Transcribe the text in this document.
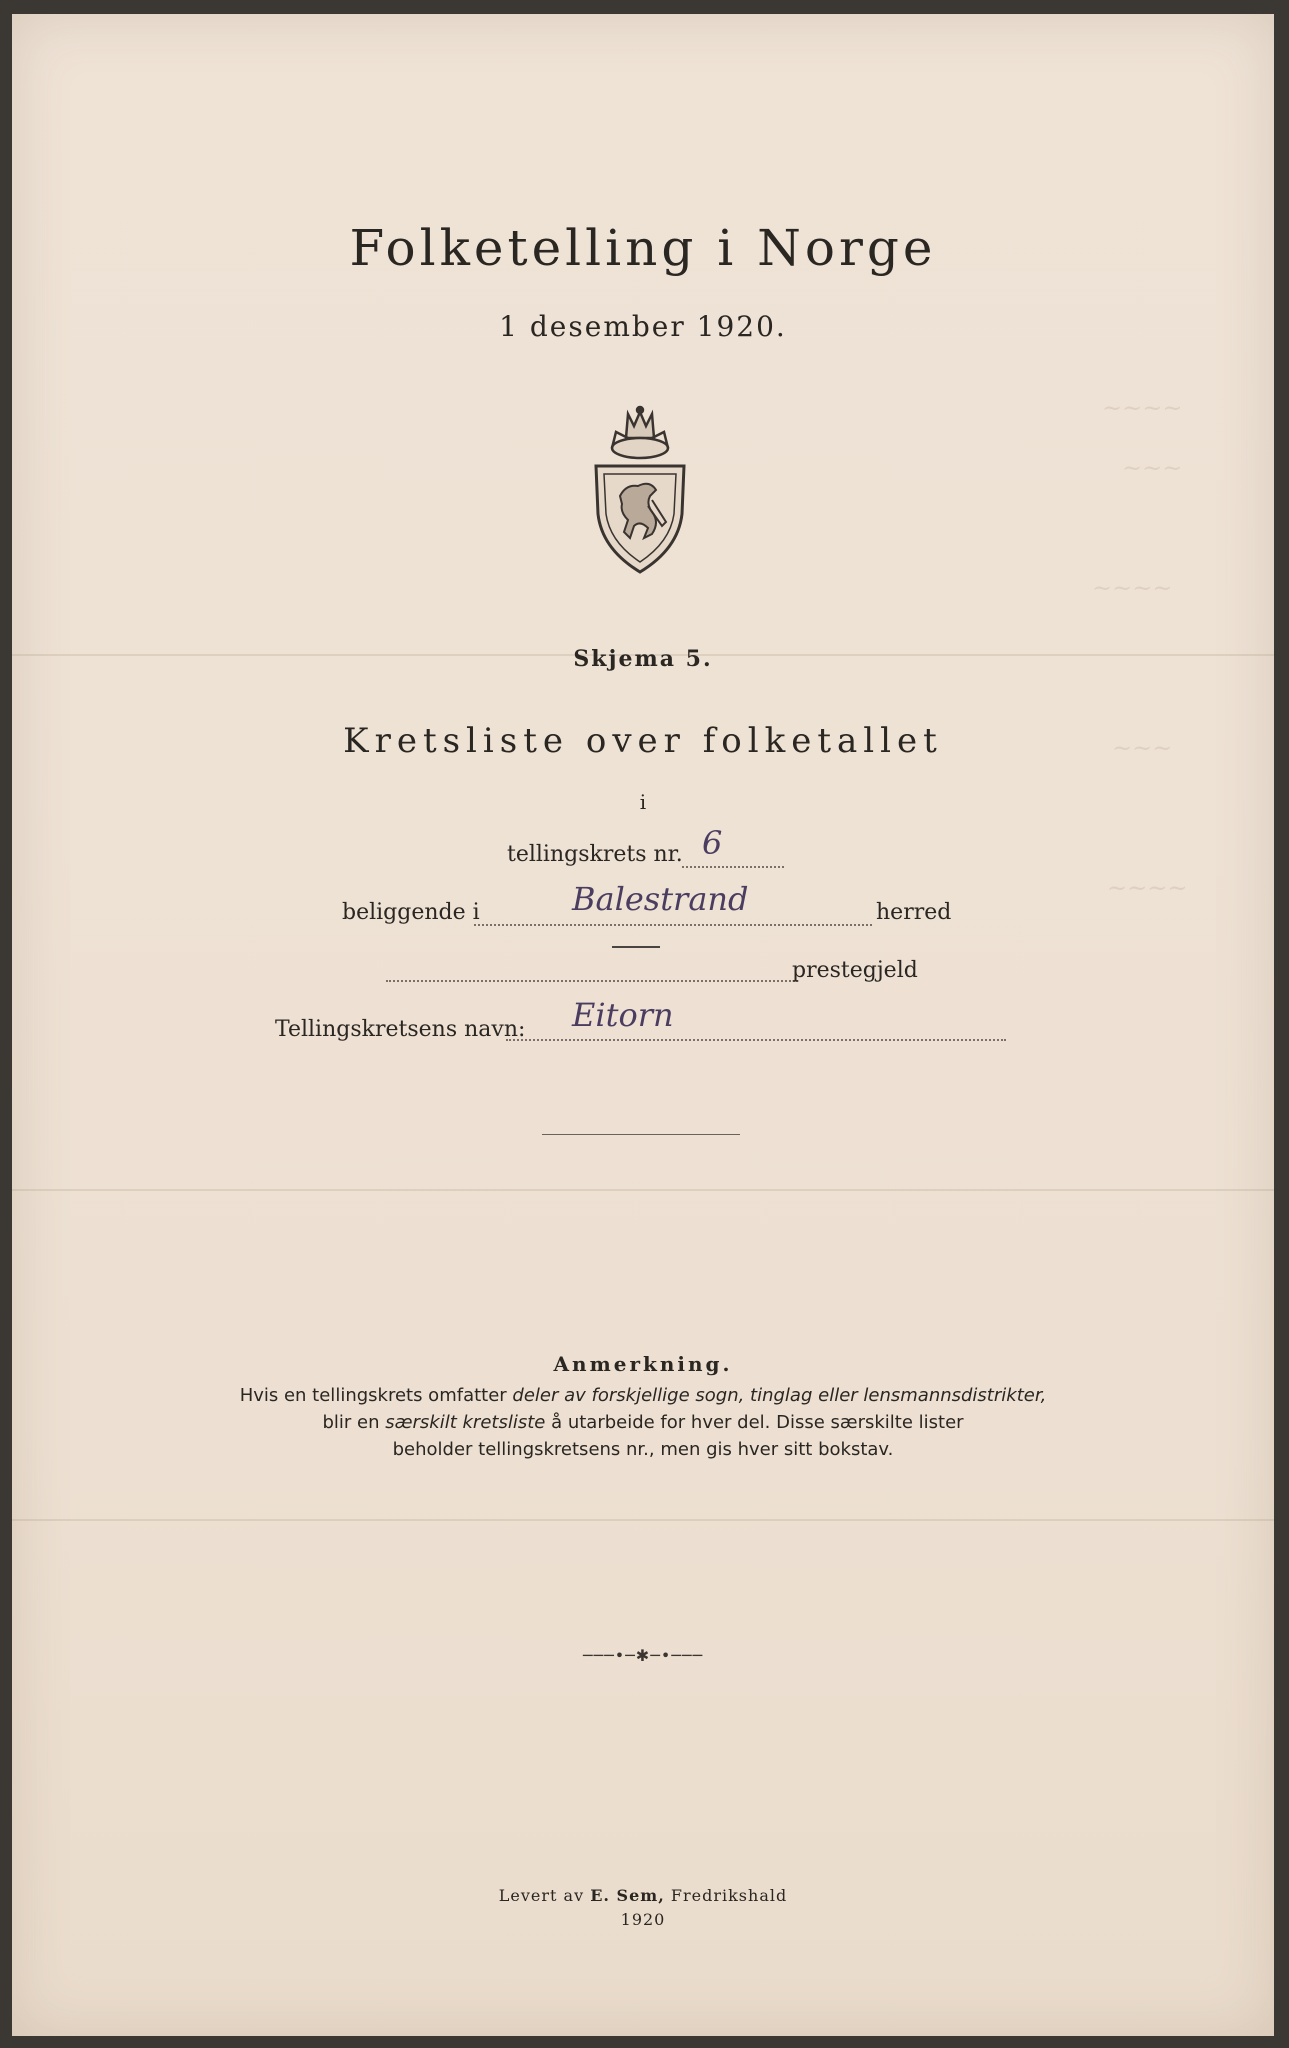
~~~~
~~~
~~~~
~~~
~~~~
Folketelling i Norge
1 desember 1920.
Skjema 5.
Kretsliste over folketallet
i
tellingskrets nr. 6
beliggende i	Balestrand	herred
prestegjeld
Tellingskretsens navn: Eitorn
Anmerkning.
Hvis en tellingskrets omfatter deler av forskjellige sogn, tinglag eller lensmannsdistrikter,
blir en særskilt kretsliste å utarbeide for hver del. Disse særskilte lister
beholder tellingskretsens nr., men gis hver sitt bokstav.
───•─✱─•───
Levert av E. Sem, Fredrikshald
1920
